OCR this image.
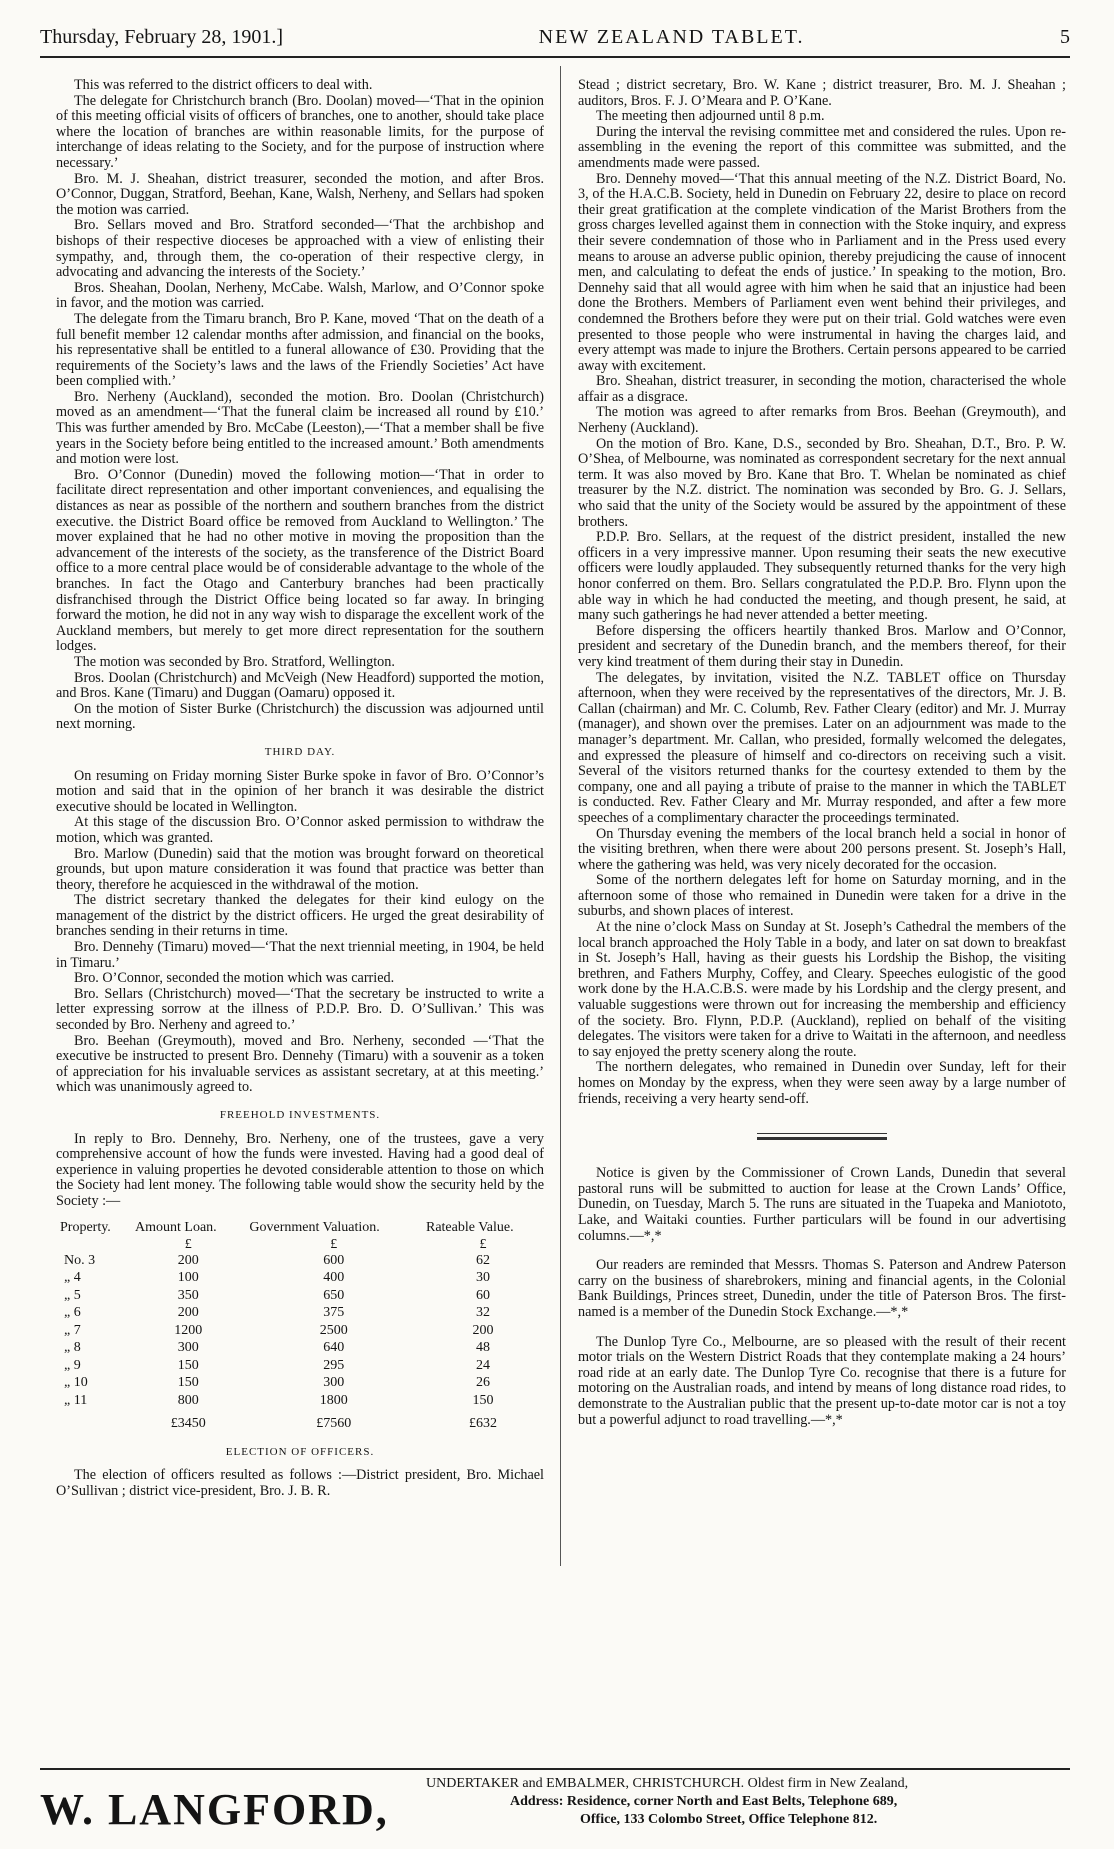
Thursday, February 28, 1901.]	NEW ZEALAND TABLET.	5

This was referred to the district officers to deal with.

The delegate for Christchurch branch (Bro. Doolan) moved—‘That in the opinion of this meeting official visits of officers of branches, one to another, should take place where the location of branches are within reasonable limits, for the purpose of interchange of ideas relating to the Society, and for the purpose of instruction where necessary.’

Bro. M. J. Sheahan, district treasurer, seconded the motion, and after Bros. O’Connor, Duggan, Stratford, Beehan, Kane, Walsh, Nerheny, and Sellars had spoken the motion was carried.

Bro. Sellars moved and Bro. Stratford seconded—‘That the archbishop and bishops of their respective dioceses be approached with a view of enlisting their sympathy, and, through them, the co-operation of their respective clergy, in advocating and advancing the interests of the Society.’

Bros. Sheahan, Doolan, Nerheny, McCabe. Walsh, Marlow, and O’Connor spoke in favor, and the motion was carried.

The delegate from the Timaru branch, Bro P. Kane, moved ‘That on the death of a full benefit member 12 calendar months after admission, and financial on the books, his representative shall be entitled to a funeral allowance of £30. Providing that the requirements of the Society’s laws and the laws of the Friendly Societies’ Act have been complied with.’

Bro. Nerheny (Auckland), seconded the motion. Bro. Doolan (Christchurch) moved as an amendment—‘That the funeral claim be increased all round by £10.’ This was further amended by Bro. McCabe (Leeston),—‘That a member shall be five years in the Society before being entitled to the increased amount.’ Both amendments and motion were lost.

Bro. O’Connor (Dunedin) moved the following motion—‘That in order to facilitate direct representation and other important conveniences, and equalising the distances as near as possible of the northern and southern branches from the district executive. the District Board office be removed from Auckland to Wellington.’ The mover explained that he had no other motive in moving the proposition than the advancement of the interests of the society, as the transference of the District Board office to a more central place would be of considerable advantage to the whole of the branches. In fact the Otago and Canterbury branches had been practically disfranchised through the District Office being located so far away. In bringing forward the motion, he did not in any way wish to disparage the excellent work of the Auckland members, but merely to get more direct representation for the southern lodges.

The motion was seconded by Bro. Stratford, Wellington.

Bros. Doolan (Christchurch) and McVeigh (New Headford) supported the motion, and Bros. Kane (Timaru) and Duggan (Oamaru) opposed it.

On the motion of Sister Burke (Christchurch) the discussion was adjourned until next morning.

THIRD DAY.

On resuming on Friday morning Sister Burke spoke in favor of Bro. O’Connor’s motion and said that in the opinion of her branch it was desirable the district executive should be located in Wellington.

At this stage of the discussion Bro. O’Connor asked permission to withdraw the motion, which was granted.

Bro. Marlow (Dunedin) said that the motion was brought forward on theoretical grounds, but upon mature consideration it was found that practice was better than theory, therefore he acquiesced in the withdrawal of the motion.

The district secretary thanked the delegates for their kind eulogy on the management of the district by the district officers. He urged the great desirability of branches sending in their returns in time.

Bro. Dennehy (Timaru) moved—‘That the next triennial meeting, in 1904, be held in Timaru.’

Bro. O’Connor, seconded the motion which was carried.

Bro. Sellars (Christchurch) moved—‘That the secretary be instructed to write a letter expressing sorrow at the illness of P.D.P. Bro. D. O’Sullivan.’ This was seconded by Bro. Nerheny and agreed to.’

Bro. Beehan (Greymouth), moved and Bro. Nerheny, seconded —‘That the executive be instructed to present Bro. Dennehy (Timaru) with a souvenir as a token of appreciation for his invaluable services as assistant secretary, at at this meeting.’ which was unanimously agreed to.

FREEHOLD INVESTMENTS.

In reply to Bro. Dennehy, Bro. Nerheny, one of the trustees, gave a very comprehensive account of how the funds were invested. Having had a good deal of experience in valuing properties he devoted considerable attention to those on which the Society had lent money. The following table would show the security held by the Society :—

Property.	Amount Loan.	Government Valuation.	Rateable Value.
	£	£	£
No. 3	200	600	62
„ 4	100	400	30
„ 5	350	650	60
„ 6	200	375	32
„ 7	1200	2500	200
„ 8	300	640	48
„ 9	150	295	24
„ 10	150	300	26
„ 11	800	1800	150
	£3450	£7560	£632

ELECTION OF OFFICERS.

The election of officers resulted as follows :—District president, Bro. Michael O’Sullivan ; district vice-president, Bro. J. B. R.

Stead ; district secretary, Bro. W. Kane ; district treasurer, Bro. M. J. Sheahan ; auditors, Bros. F. J. O’Meara and P. O’Kane.

The meeting then adjourned until 8 p.m.

During the interval the revising committee met and considered the rules. Upon re-assembling in the evening the report of this committee was submitted, and the amendments made were passed.

Bro. Dennehy moved—‘That this annual meeting of the N.Z. District Board, No. 3, of the H.A.C.B. Society, held in Dunedin on February 22, desire to place on record their great gratification at the complete vindication of the Marist Brothers from the gross charges levelled against them in connection with the Stoke inquiry, and express their severe condemnation of those who in Parliament and in the Press used every means to arouse an adverse public opinion, thereby prejudicing the cause of innocent men, and calculating to defeat the ends of justice.’ In speaking to the motion, Bro. Dennehy said that all would agree with him when he said that an injustice had been done the Brothers. Members of Parliament even went behind their privileges, and condemned the Brothers before they were put on their trial. Gold watches were even presented to those people who were instrumental in having the charges laid, and every attempt was made to injure the Brothers. Certain persons appeared to be carried away with excitement.

Bro. Sheahan, district treasurer, in seconding the motion, characterised the whole affair as a disgrace.

The motion was agreed to after remarks from Bros. Beehan (Greymouth), and Nerheny (Auckland).

On the motion of Bro. Kane, D.S., seconded by Bro. Sheahan, D.T., Bro. P. W. O’Shea, of Melbourne, was nominated as correspondent secretary for the next annual term. It was also moved by Bro. Kane that Bro. T. Whelan be nominated as chief treasurer by the N.Z. district. The nomination was seconded by Bro. G. J. Sellars, who said that the unity of the Society would be assured by the appointment of these brothers.

P.D.P. Bro. Sellars, at the request of the district president, installed the new officers in a very impressive manner. Upon resuming their seats the new executive officers were loudly applauded. They subsequently returned thanks for the very high honor conferred on them. Bro. Sellars congratulated the P.D.P. Bro. Flynn upon the able way in which he had conducted the meeting, and though present, he said, at many such gatherings he had never attended a better meeting.

Before dispersing the officers heartily thanked Bros. Marlow and O’Connor, president and secretary of the Dunedin branch, and the members thereof, for their very kind treatment of them during their stay in Dunedin.

The delegates, by invitation, visited the N.Z. TABLET office on Thursday afternoon, when they were received by the representatives of the directors, Mr. J. B. Callan (chairman) and Mr. C. Columb, Rev. Father Cleary (editor) and Mr. J. Murray (manager), and shown over the premises. Later on an adjournment was made to the manager’s department. Mr. Callan, who presided, formally welcomed the delegates, and expressed the pleasure of himself and co-directors on receiving such a visit. Several of the visitors returned thanks for the courtesy extended to them by the company, one and all paying a tribute of praise to the manner in which the TABLET is conducted. Rev. Father Cleary and Mr. Murray responded, and after a few more speeches of a complimentary character the proceedings terminated.

On Thursday evening the members of the local branch held a social in honor of the visiting brethren, when there were about 200 persons present. St. Joseph’s Hall, where the gathering was held, was very nicely decorated for the occasion.

Some of the northern delegates left for home on Saturday morning, and in the afternoon some of those who remained in Dunedin were taken for a drive in the suburbs, and shown places of interest.

At the nine o’clock Mass on Sunday at St. Joseph’s Cathedral the members of the local branch approached the Holy Table in a body, and later on sat down to breakfast in St. Joseph’s Hall, having as their guests his Lordship the Bishop, the visiting brethren, and Fathers Murphy, Coffey, and Cleary. Speeches eulogistic of the good work done by the H.A.C.B.S. were made by his Lordship and the clergy present, and valuable suggestions were thrown out for increasing the membership and efficiency of the society. Bro. Flynn, P.D.P. (Auckland), replied on behalf of the visiting delegates. The visitors were taken for a drive to Waitati in the afternoon, and needless to say enjoyed the pretty scenery along the route.

The northern delegates, who remained in Dunedin over Sunday, left for their homes on Monday by the express, when they were seen away by a large number of friends, receiving a very hearty send-off.

Notice is given by the Commissioner of Crown Lands, Dunedin that several pastoral runs will be submitted to auction for lease at the Crown Lands’ Office, Dunedin, on Tuesday, March 5. The runs are situated in the Tuapeka and Maniototo, Lake, and Waitaki counties. Further particulars will be found in our advertising columns.—*,*

Our readers are reminded that Messrs. Thomas S. Paterson and Andrew Paterson carry on the business of sharebrokers, mining and financial agents, in the Colonial Bank Buildings, Princes street, Dunedin, under the title of Paterson Bros. The first-named is a member of the Dunedin Stock Exchange.—*,*

The Dunlop Tyre Co., Melbourne, are so pleased with the result of their recent motor trials on the Western District Roads that they contemplate making a 24 hours’ road ride at an early date. The Dunlop Tyre Co. recognise that there is a future for motoring on the Australian roads, and intend by means of long distance road rides, to demonstrate to the Australian public that the present up-to-date motor car is not a toy but a powerful adjunct to road travelling.—*,*

W. LANGFORD,
UNDERTAKER and EMBALMER, CHRISTCHURCH. Oldest firm in New Zealand,
Address: Residence, corner North and East Belts, Telephone 689,
Office, 133 Colombo Street, Office Telephone 812.
